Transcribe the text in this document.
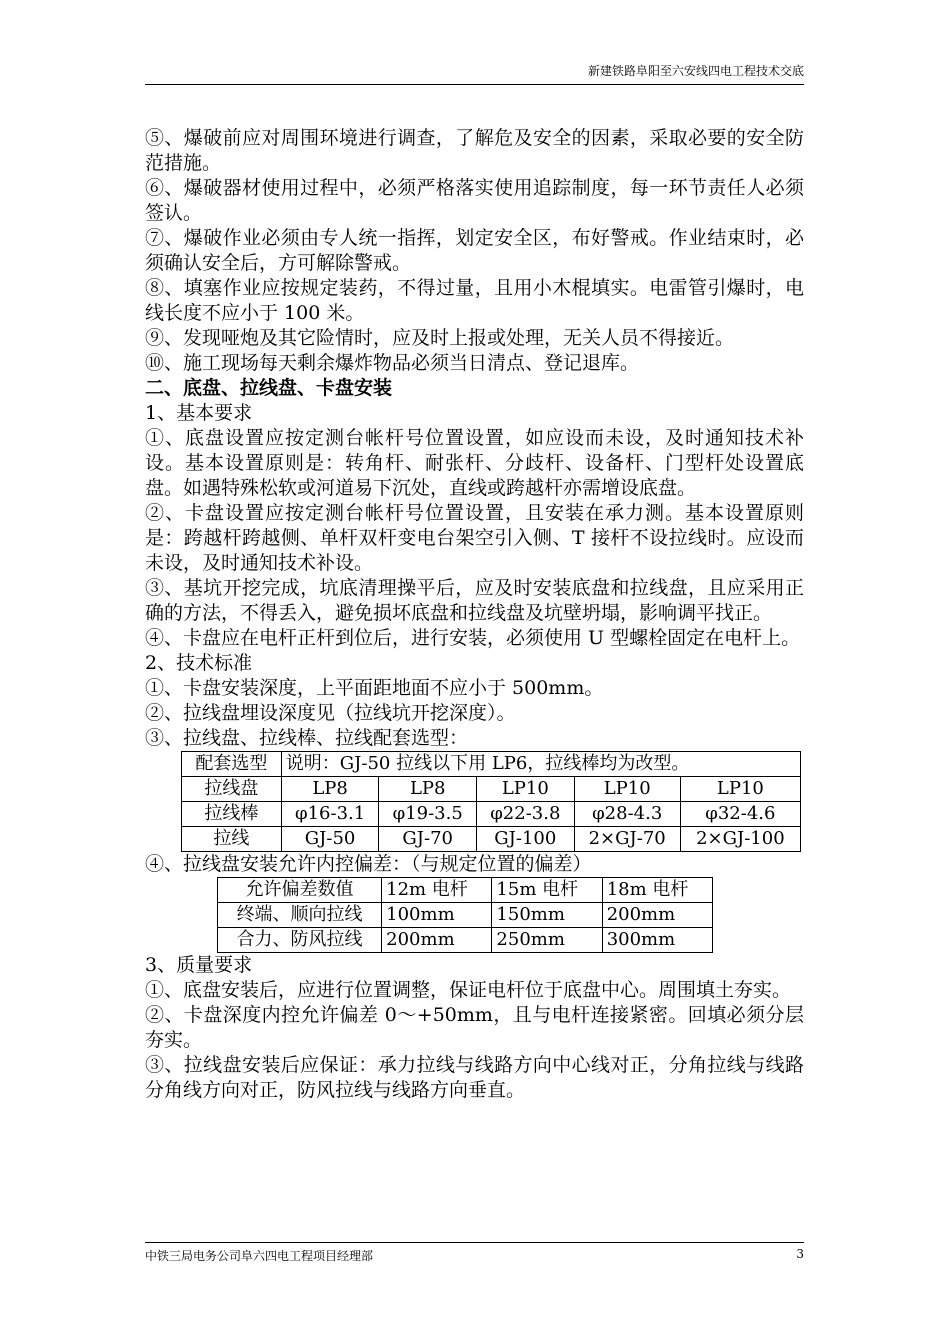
新建铁路阜阳至六安线四电工程技术交底

⑤、爆破前应对周围环境进行调查，了解危及安全的因素，采取必要的安全防范措施。

⑥、爆破器材使用过程中，必须严格落实使用追踪制度，每一环节责任人必须签认。

⑦、爆破作业必须由专人统一指挥，划定安全区，布好警戒。作业结束时，必须确认安全后，方可解除警戒。

⑧、填塞作业应按规定装药，不得过量，且用小木棍填实。电雷管引爆时，电线长度不应小于 100 米。

⑨、发现哑炮及其它险情时，应及时上报或处理，无关人员不得接近。

⑩、施工现场每天剩余爆炸物品必须当日清点、登记退库。

二、底盘、拉线盘、卡盘安装

1、基本要求

①、底盘设置应按定测台帐杆号位置设置，如应设而未设，及时通知技术补设。基本设置原则是：转角杆、耐张杆、分歧杆、设备杆、门型杆处设置底盘。如遇特殊松软或河道易下沉处，直线或跨越杆亦需增设底盘。

②、卡盘设置应按定测台帐杆号位置设置，且安装在承力测。基本设置原则是：跨越杆跨越侧、单杆双杆变电台架空引入侧、T 接杆不设拉线时。应设而未设，及时通知技术补设。

③、基坑开挖完成，坑底清理操平后，应及时安装底盘和拉线盘，且应采用正确的方法，不得丢入，避免损坏底盘和拉线盘及坑壁坍塌，影响调平找正。

④、卡盘应在电杆正杆到位后，进行安装，必须使用 U 型螺栓固定在电杆上。

2、技术标准

①、卡盘安装深度，上平面距地面不应小于 500mm。

②、拉线盘埋设深度见（拉线坑开挖深度）。

③、拉线盘、拉线棒、拉线配套选型：

配套选型	说明：GJ-50 拉线以下用 LP6，拉线棒均为改型。				
拉线盘	LP8	LP8	LP10	LP10	LP10
拉线棒	φ16-3.1	φ19-3.5	φ22-3.8	φ28-4.3	φ32-4.6
拉线	GJ-50	GJ-70	GJ-100	2×GJ-70	2×GJ-100

④、拉线盘安装允许内控偏差：（与规定位置的偏差）

允许偏差数值	12m 电杆	15m 电杆	18m 电杆
终端、顺向拉线	100mm	150mm	200mm
合力、防风拉线	200mm	250mm	300mm

3、质量要求

①、底盘安装后，应进行位置调整，保证电杆位于底盘中心。周围填土夯实。

②、卡盘深度内控允许偏差 0～+50mm，且与电杆连接紧密。回填必须分层夯实。

③、拉线盘安装后应保证：承力拉线与线路方向中心线对正，分角拉线与线路分角线方向对正，防风拉线与线路方向垂直。

中铁三局电务公司阜六四电工程项目经理部	3
